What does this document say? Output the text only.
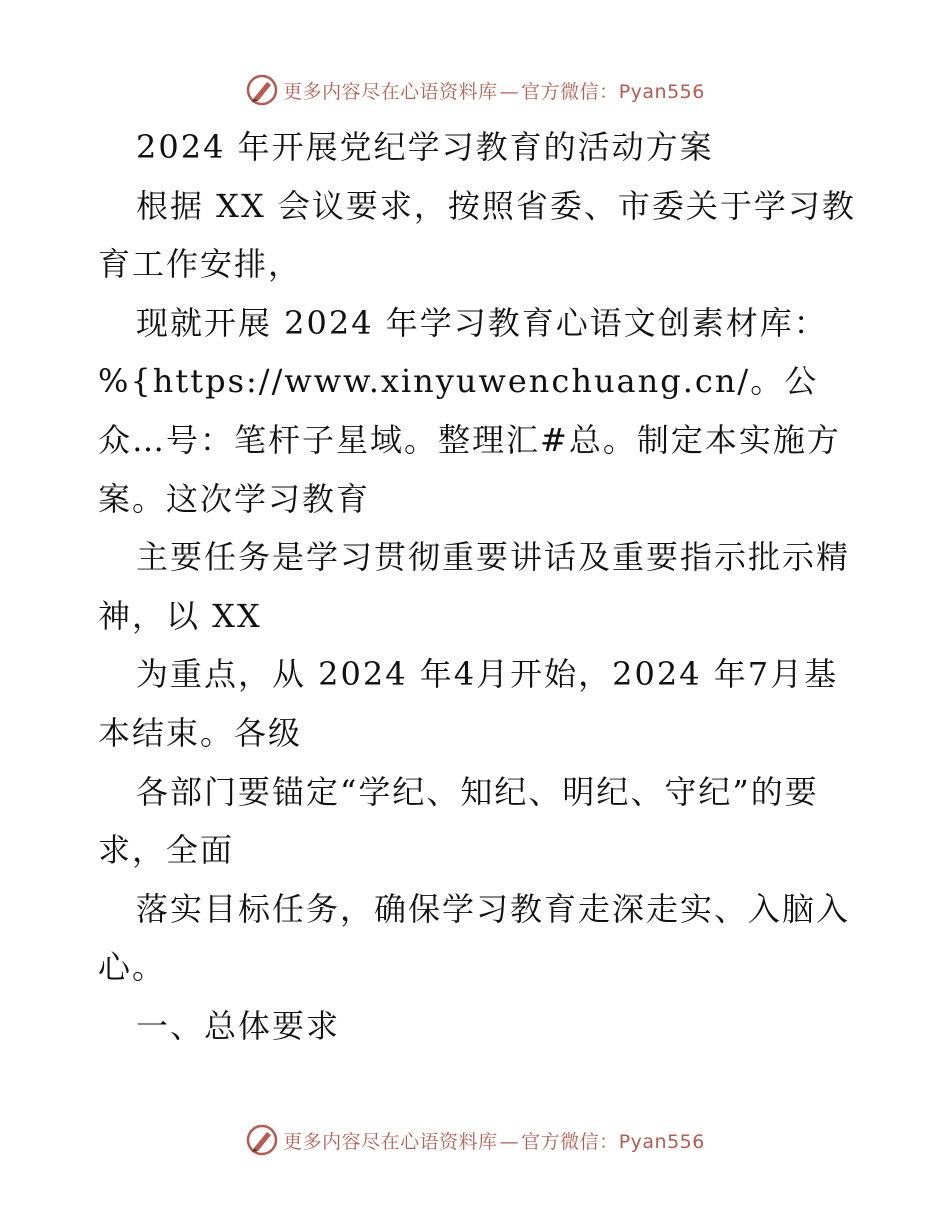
更多内容尽在心语资料库 — 官方微信：Pyan556

2024 年开展党纪学习教育的活动方案

根据 XX 会议要求，按照省委、市委关于学习教育工作安排，

现就开展 2024 年学习教育心语文创素材库：%{https://www.xinyuwenchuang.cn/。公众…号：笔杆子星域。整理汇#总。制定本实施方案。这次学习教育

主要任务是学习贯彻重要讲话及重要指示批示精神，以 XX

为重点，从 2024 年4月开始，2024 年7月基本结束。各级

各部门要锚定“学纪、知纪、明纪、守纪”的要求，全面

落实目标任务，确保学习教育走深走实、入脑入心。

一、总体要求

更多内容尽在心语资料库 — 官方微信：Pyan556
